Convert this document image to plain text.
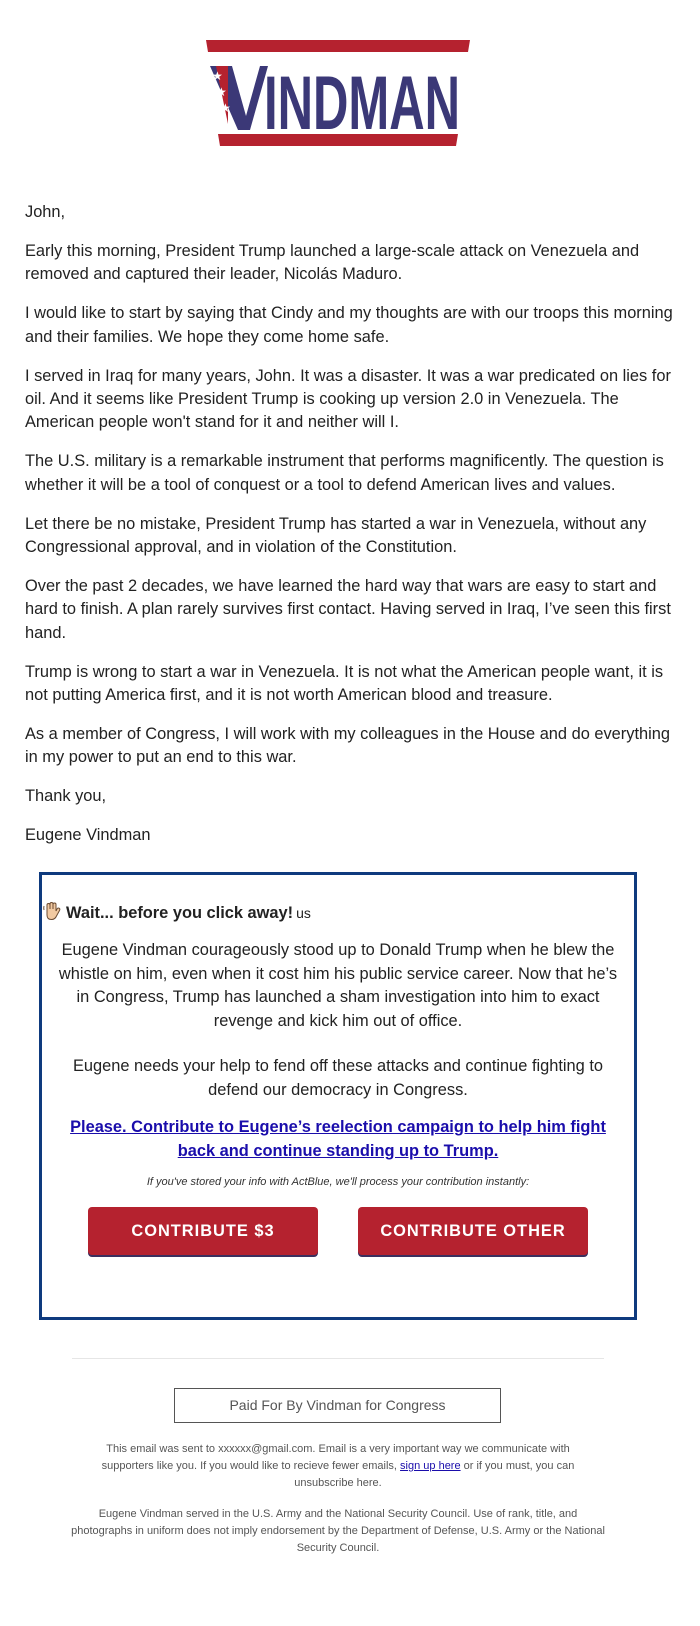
★
★
★ INDMAN

John,

Early this morning, President Trump launched a large-scale attack on Venezuela and removed and captured their leader, Nicolás Maduro.

I would like to start by saying that Cindy and my thoughts are with our troops this morning and their families. We hope they come home safe.

I served in Iraq for many years, John. It was a disaster. It was a war predicated on lies for oil. And it seems like President Trump is cooking up version 2.0 in Venezuela. The American people won't stand for it and neither will I.

The U.S. military is a remarkable instrument that performs magnificently. The question is whether it will be a tool of conquest or a tool to defend American lives and values.

Let there be no mistake, President Trump has started a war in Venezuela, without any Congressional approval, and in violation of the Constitution.

Over the past 2 decades, we have learned the hard way that wars are easy to start and hard to finish. A plan rarely survives first contact. Having served in Iraq, I’ve seen this first hand.

Trump is wrong to start a war in Venezuela. It is not what the American people want, it is not putting America first, and it is not worth American blood and treasure.

As a member of Congress, I will work with my colleagues in the House and do everything in my power to put an end to this war.

Thank you,

Eugene Vindman

Wait... before you click away! us
Eugene Vindman courageously stood up to Donald Trump when he blew the whistle on him, even when it cost him his public service career. Now that he’s in Congress, Trump has launched a sham investigation into him to exact revenge and kick him out of office.
Eugene needs your help to fend off these attacks and continue fighting to defend our democracy in Congress.
Please. Contribute to Eugene’s reelection campaign to help him fight back and continue standing up to Trump.
If you've stored your info with ActBlue, we'll process your contribution instantly:
CONTRIBUTE $3	CONTRIBUTE OTHER
Paid For By Vindman for Congress
This email was sent to xxxxxx@gmail.com. Email is a very important way we communicate with supporters like you. If you would like to recieve fewer emails, sign up here or if you must, you can unsubscribe here.
Eugene Vindman served in the U.S. Army and the National Security Council. Use of rank, title, and photographs in uniform does not imply endorsement by the Department of Defense, U.S. Army or the National Security Council.
